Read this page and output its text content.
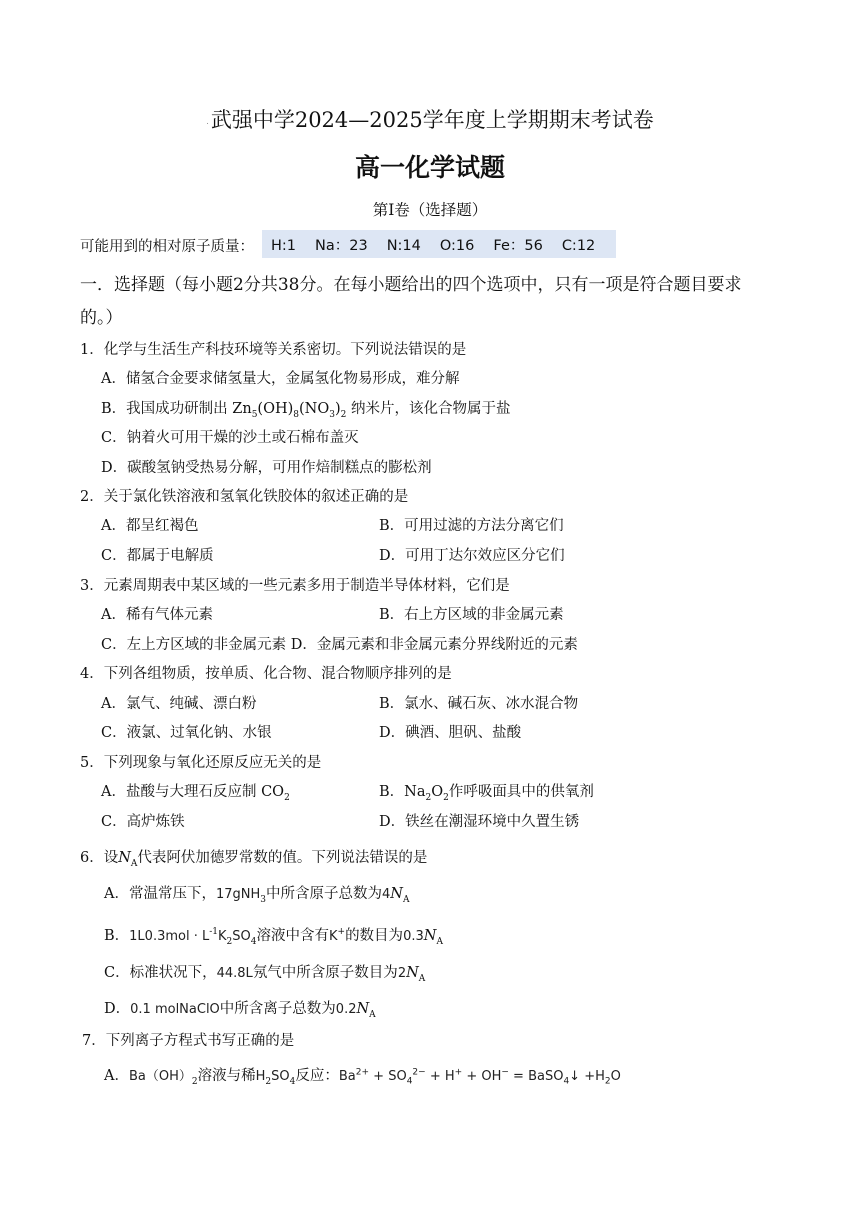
.武强中学2024—2025学年度上学期期末考试卷
高一化学试题
第Ⅰ卷（选择题）
可能用到的相对原子质量：	H:1 Na：23 N:14 O:16 Fe：56 C:12
一．选择题（每小题2分共38分。在每小题给出的四个选项中，只有一项是符合题目要求
的。）
1．化学与生活生产科技环境等关系密切。下列说法错误的是
A．储氢合金要求储氢量大，金属氢化物易形成，难分解
B．我国成功研制出 $Zn_5(OH)_8(NO_3)_2$ 纳米片，该化合物属于盐
C．钠着火可用干燥的沙土或石棉布盖灭
D．碳酸氢钠受热易分解，可用作焙制糕点的膨松剂
2．关于氯化铁溶液和氢氧化铁胶体的叙述正确的是
A．都呈红褐色	B．可用过滤的方法分离它们
C．都属于电解质	D．可用丁达尔效应区分它们
3．元素周期表中某区域的一些元素多用于制造半导体材料，它们是
A．稀有气体元素	B．右上方区域的非金属元素
C．左上方区域的非金属元素 D．金属元素和非金属元素分界线附近的元素
4．下列各组物质，按单质、化合物、混合物顺序排列的是
A．氯气、纯碱、漂白粉	B．氯水、碱石灰、冰水混合物
C．液氯、过氧化钠、水银	D．碘酒、胆矾、盐酸
5．下列现象与氧化还原反应无关的是
A．盐酸与大理石反应制 $CO_2$	B．$Na_2O_2$作呼吸面具中的供氧剂
C．高炉炼铁	D．铁丝在潮湿环境中久置生锈
6．设$N_A$代表阿伏加德罗常数的值。下列说法错误的是
A．常温常压下，17gNH$_3$中所含原子总数为$4N_A$
B．$1L0.3mol \cdot L^{-1}K_2SO_4$溶液中含有K+的数目为$0.3N_A$
C．标准状况下，44.8L氖气中所含原子数目为$2N_A$
D．0.1 molNaClO中所含离子总数为$0.2N_A$
7．下列离子方程式书写正确的是
A．$Ba(OH)_2$溶液与稀$H_2SO_4$反应：$Ba^{2+} + SO_4^{2-} + H^+ + OH^-$ = BaSO$_4$↓ $+H_2O$
